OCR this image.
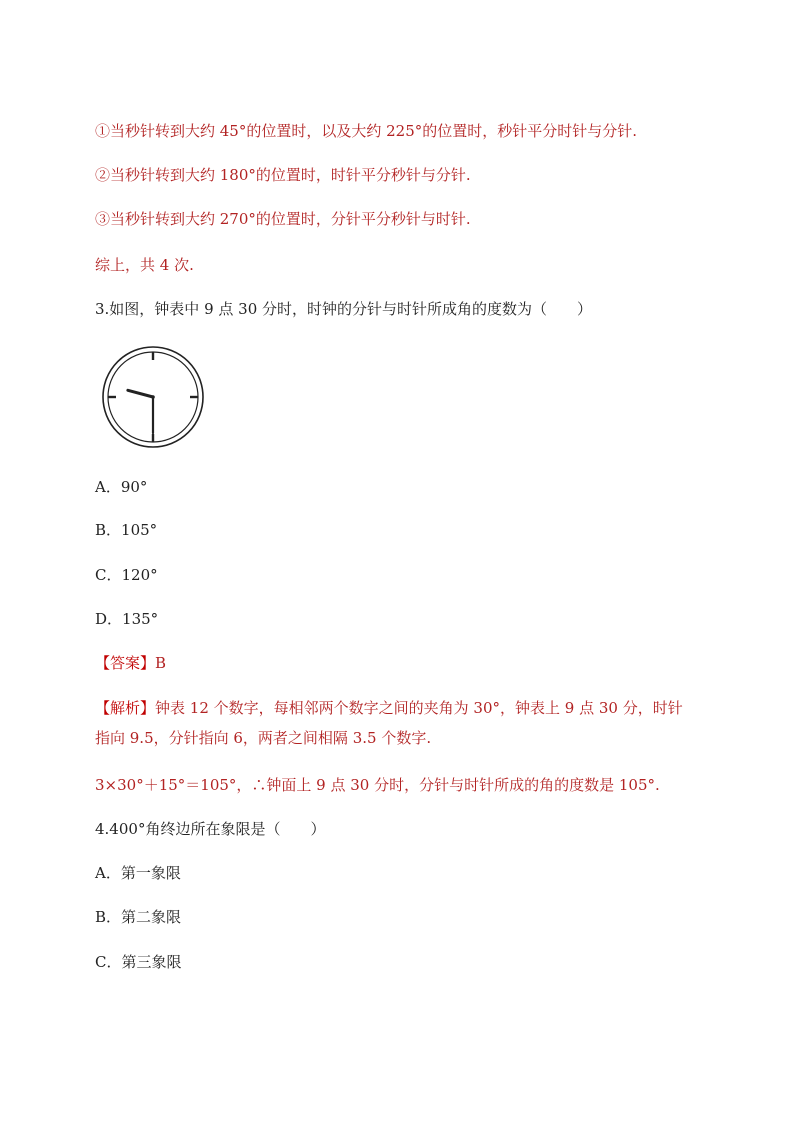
①当秒针转到大约 45°的位置时，以及大约 225°的位置时，秒针平分时针与分针.
②当秒针转到大约 180°的位置时，时针平分秒针与分针.
③当秒针转到大约 270°的位置时，分针平分秒针与时针.
综上，共 4 次.
3.如图，钟表中 9 点 30 分时，时钟的分针与时针所成角的度数为（　　）
A．90°
B．105°
C．120°
D．135°
【答案】B
【解析】钟表 12 个数字，每相邻两个数字之间的夹角为 30°，钟表上 9 点 30 分，时针
指向 9.5，分针指向 6，两者之间相隔 3.5 个数字.
3×30°＋15°＝105°，∴钟面上 9 点 30 分时，分针与时针所成的角的度数是 105°.
4.400°角终边所在象限是（　　）
A．第一象限
B．第二象限
C．第三象限
